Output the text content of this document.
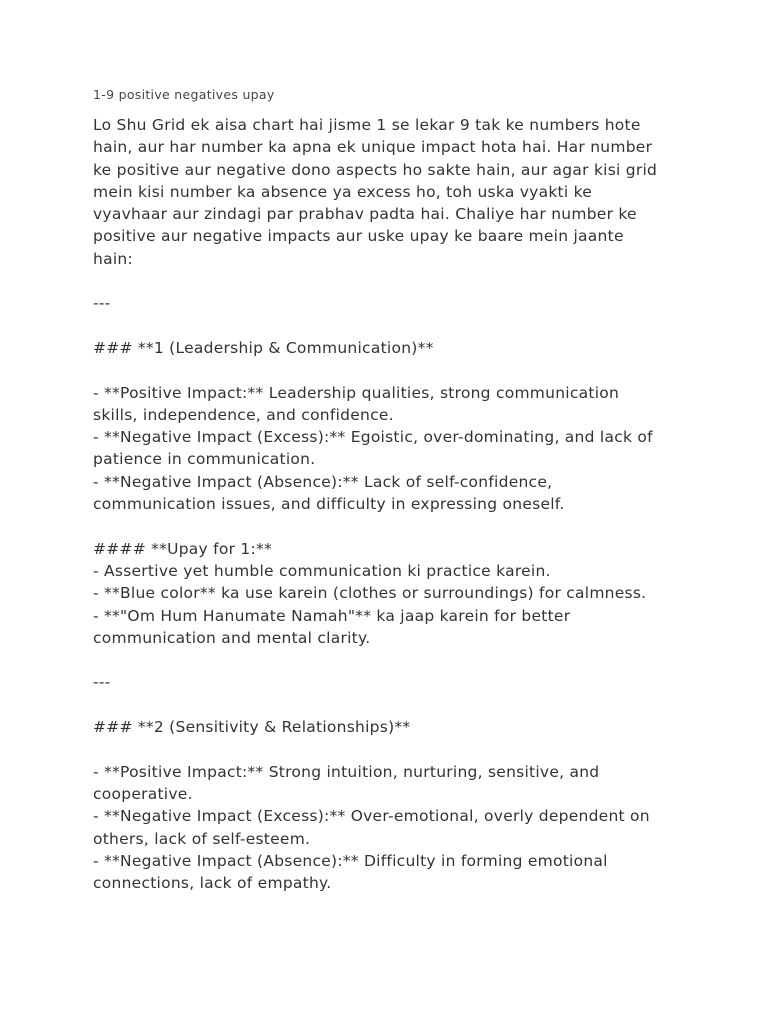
1-9 positive negatives upay
Lo Shu Grid ek aisa chart hai jisme 1 se lekar 9 tak ke numbers hote
hain, aur har number ka apna ek unique impact hota hai. Har number
ke positive aur negative dono aspects ho sakte hain, aur agar kisi grid
mein kisi number ka absence ya excess ho, toh uska vyakti ke
vyavhaar aur zindagi par prabhav padta hai. Chaliye har number ke
positive aur negative impacts aur uske upay ke baare mein jaante
hain:
---
### **1 (Leadership & Communication)**
- **Positive Impact:** Leadership qualities, strong communication
skills, independence, and confidence.
- **Negative Impact (Excess):** Egoistic, over-dominating, and lack of
patience in communication.
- **Negative Impact (Absence):** Lack of self-confidence,
communication issues, and difficulty in expressing oneself.
#### **Upay for 1:**
- Assertive yet humble communication ki practice karein.
- **Blue color** ka use karein (clothes or surroundings) for calmness.
- **"Om Hum Hanumate Namah"** ka jaap karein for better
communication and mental clarity.
---
### **2 (Sensitivity & Relationships)**
- **Positive Impact:** Strong intuition, nurturing, sensitive, and
cooperative.
- **Negative Impact (Excess):** Over-emotional, overly dependent on
others, lack of self-esteem.
- **Negative Impact (Absence):** Difficulty in forming emotional
connections, lack of empathy.
